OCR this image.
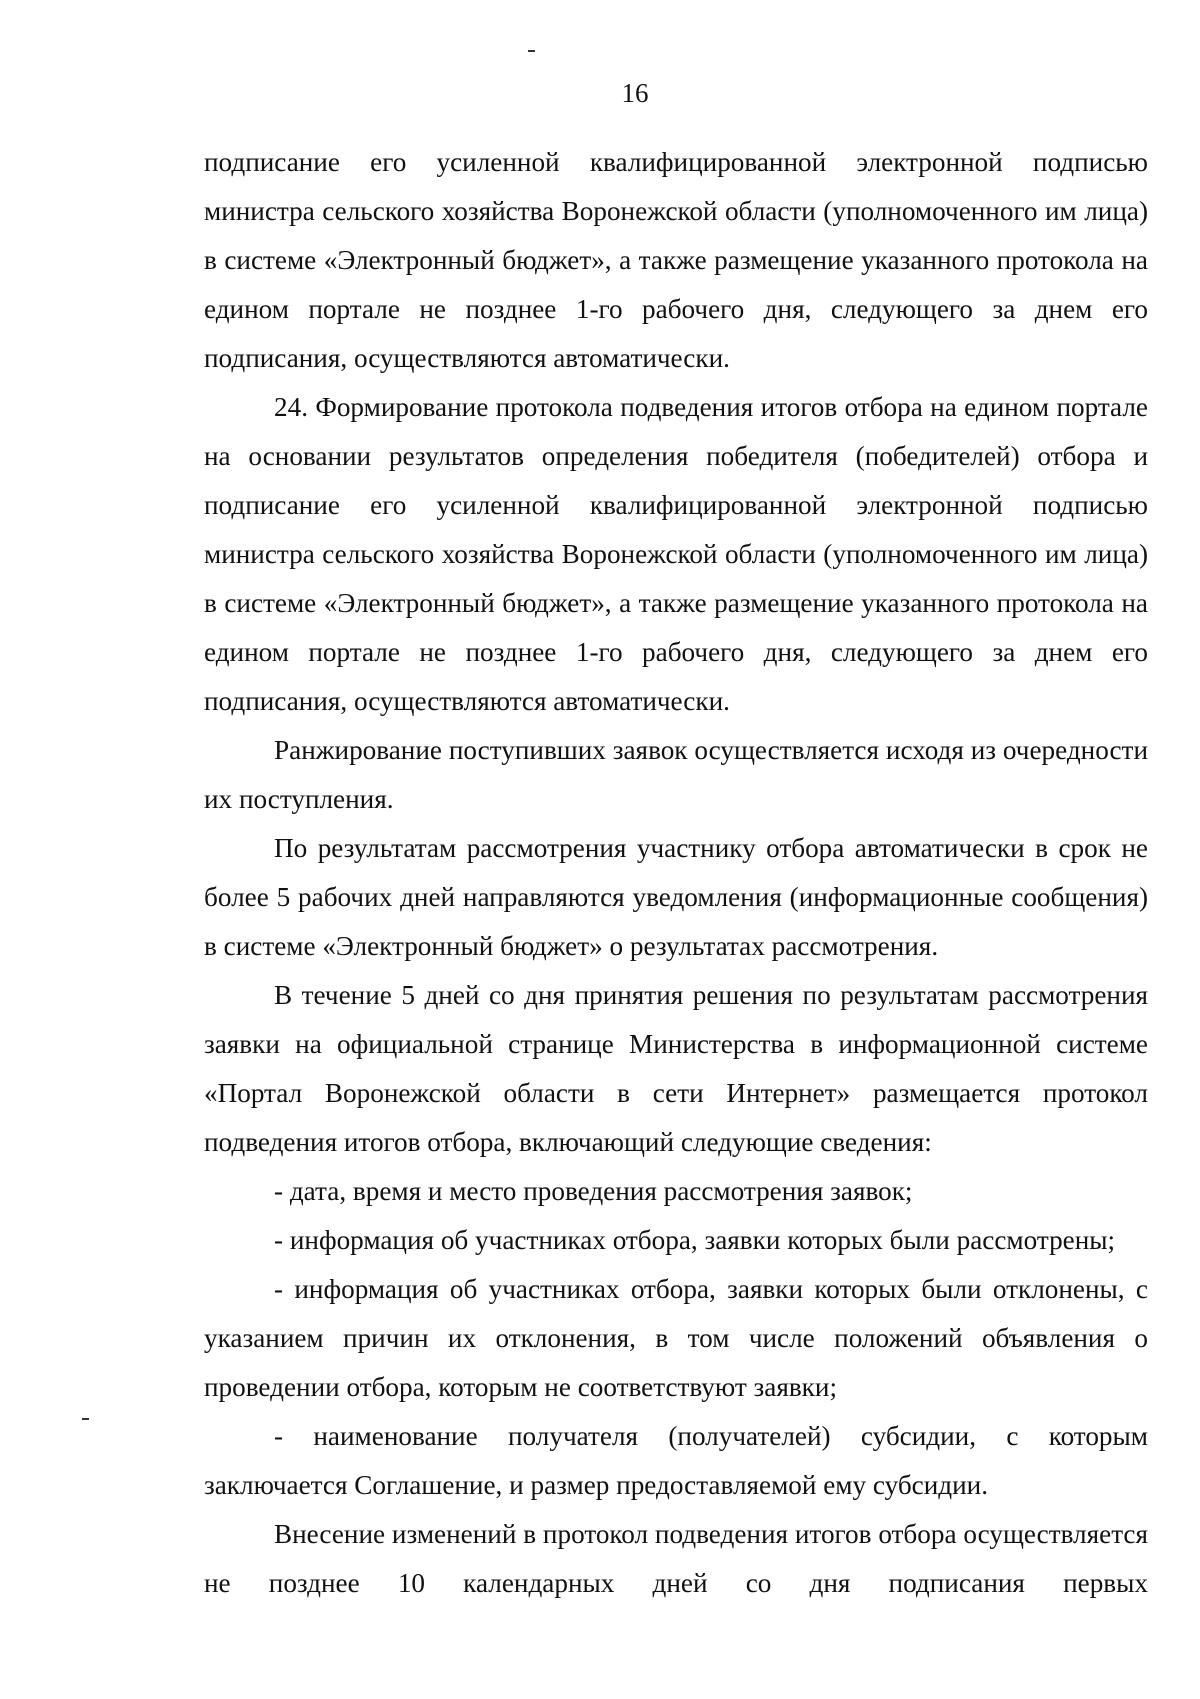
16

подписание его усиленной квалифицированной электронной подписью министра сельского хозяйства Воронежской области (уполномоченного им лица) в системе «Электронный бюджет», а также размещение указанного протокола на едином портале не позднее 1-го рабочего дня, следующего за днем его подписания, осуществляются автоматически.

24. Формирование протокола подведения итогов отбора на едином портале на основании результатов определения победителя (победителей) отбора и подписание его усиленной квалифицированной электронной подписью министра сельского хозяйства Воронежской области (уполномоченного им лица) в системе «Электронный бюджет», а также размещение указанного протокола на едином портале не позднее 1-го рабочего дня, следующего за днем его подписания, осуществляются автоматически.

Ранжирование поступивших заявок осуществляется исходя из очередности их поступления.

По результатам рассмотрения участнику отбора автоматически в срок не более 5 рабочих дней направляются уведомления (информационные сообщения) в системе «Электронный бюджет» о результатах рассмотрения.

В течение 5 дней со дня принятия решения по результатам рассмотрения заявки на официальной странице Министерства в информационной системе «Портал Воронежской области в сети Интернет» размещается протокол подведения итогов отбора, включающий следующие сведения:

- дата, время и место проведения рассмотрения заявок;

- информация об участниках отбора, заявки которых были рассмотрены;

- информация об участниках отбора, заявки которых были отклонены, с указанием причин их отклонения, в том числе положений объявления о проведении отбора, которым не соответствуют заявки;

- наименование получателя (получателей) субсидии, с которым заключается Соглашение, и размер предоставляемой ему субсидии.

Внесение изменений в протокол подведения итогов отбора осуществляется не позднее 10 календарных дней со дня подписания первых
